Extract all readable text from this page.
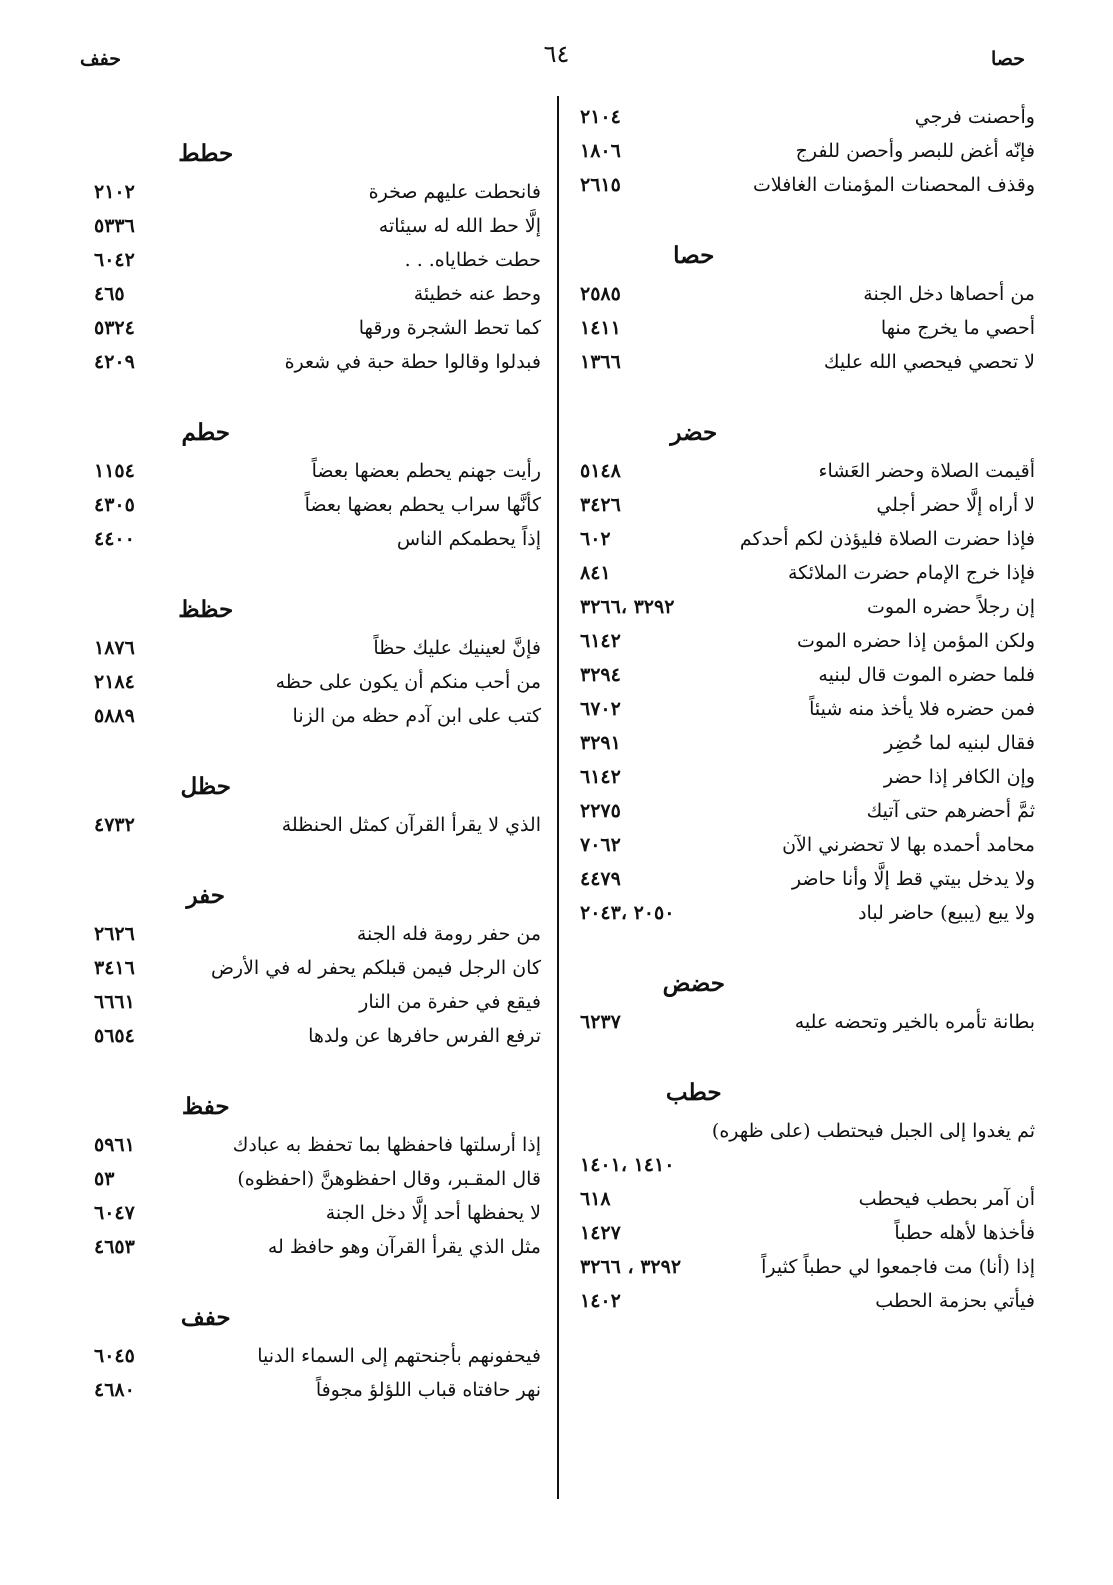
حصا
٦٤
حفف
وأحصنت فرجي
٢١٠٤
فإنّه أغض للبصر وأحصن للفرج
١٨٠٦
وقذف المحصنات المؤمنات الغافلات
٢٦١٥
حصا
من أحصاها دخل الجنة
٢٥٨٥
أحصي ما يخرج منها
١٤١١
لا تحصي فيحصي الله عليك
١٣٦٦
حضر
أقيمت الصلاة وحضر العَشاء
٥١٤٨
لا أراه إلَّا حضر أجلي
٣٤٢٦
فإذا حضرت الصلاة فليؤذن لكم أحدكم
٦٠٢
فإذا خرج الإمام حضرت الملائكة
٨٤١
إن رجلاً حضره الموت
٣٢٩٢ ،٣٢٦٦
ولكن المؤمن إذا حضره الموت
٦١٤٢
فلما حضره الموت قال لبنيه
٣٢٩٤
فمن حضره فلا يأخذ منه شيئاً
٦٧٠٢
فقال لبنيه لما حُضِر
٣٢٩١
وإن الكافر إذا حضر
٦١٤٢
ثمَّ أحضرهم حتى آتيك
٢٢٧٥
محامد أحمده بها لا تحضرني الآن
٧٠٦٢
ولا يدخل بيتي قط إلَّا وأنا حاضر
٤٤٧٩
ولا يبع (يبيع) حاضر لباد
٢٠٥٠ ،٢٠٤٣
حضض
بطانة تأمره بالخير وتحضه عليه
٦٢٣٧
حطب
ثم يغدوا إلى الجبل فيحتطب (على ظهره)
١٤١٠ ،١٤٠١
أن آمر بحطب فيحطب
٦١٨
فأخذها لأهله حطباً
١٤٢٧
إذا (أنا) مت فاجمعوا لي حطباً كثيراً
٣٢٩٢ ، ٣٢٦٦
فيأتي بحزمة الحطب
١٤٠٢
حطط
فانحطت عليهم صخرة
٢١٠٢
إلَّا حط الله له سيئاته
٥٣٣٦
حطت خطاياه. . .
٦٠٤٢
وحط عنه خطيئة
٤٦٥
كما تحط الشجرة ورقها
٥٣٢٤
فبدلوا وقالوا حطة حبة في شعرة
٤٢٠٩
حطم
رأيت جهنم يحطم بعضها بعضاً
١١٥٤
كأنَّها سراب يحطم بعضها بعضاً
٤٣٠٥
إذاً يحطمكم الناس
٤٤٠٠
حظظ
فإنَّ لعينيك عليك حظاً
١٨٧٦
من أحب منكم أن يكون على حظه
٢١٨٤
كتب على ابن آدم حظه من الزنا
٥٨٨٩
حظل
الذي لا يقرأ القرآن كمثل الحنظلة
٤٧٣٢
حفر
من حفر رومة فله الجنة
٢٦٢٦
كان الرجل فيمن قبلكم يحفر له في الأرض
٣٤١٦
فيقع في حفرة من النار
٦٦٦١
ترفع الفرس حافرها عن ولدها
٥٦٥٤
حفظ
إذا أرسلتها فاحفظها بما تحفظ به عبادك
٥٩٦١
قال المقـبر، وقال احفظوهنَّ (احفظوه)
٥٣
لا يحفظها أحد إلَّا دخل الجنة
٦٠٤٧
مثل الذي يقرأ القرآن وهو حافظ له
٤٦٥٣
حفف
فيحفونهم بأجنحتهم إلى السماء الدنيا
٦٠٤٥
نهر حافتاه قباب اللؤلؤ مجوفاً
٤٦٨٠
